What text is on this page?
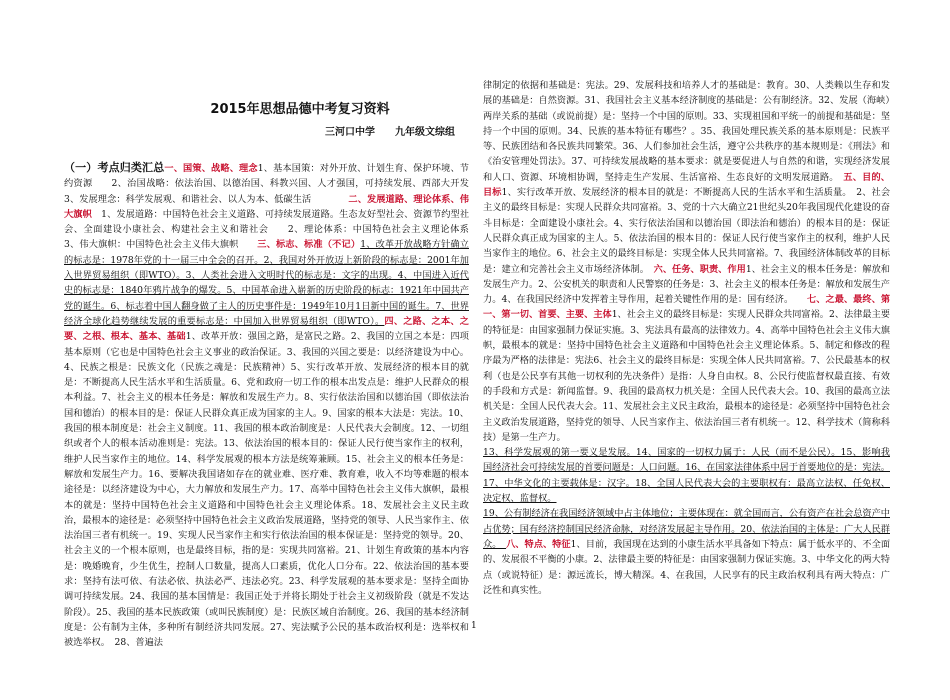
2015年思想品德中考复习资料
三河口中学　　九年级文综组
（一）考点归类汇总一、国策、战略、理念1、基本国策：对外开放、计划生育、保护环境、节约资源　　2、治国战略：依法治国、以德治国、科教兴国、人才强国，可持续发展、西部大开发　3、发展理念：科学发展观、和谐社会、以人为本、低碳生活　　　　二、发展道路、理论体系、伟大旗帜　1、发展道路：中国特色社会主义道路、可持续发展道路。生态友好型社会、资源节约型社会、全面建设小康社会、构建社会主义和谐社会　　2、理论体系：中国特色社会主义理论体系　　3、伟大旗帜：中国特色社会主义伟大旗帜　　三、标志、标准（不记）1、改革开放战略方针确立的标志是：1978年党的十一届三中全会的召开。2、我国对外开放迈上新阶段的标志是：2001年加入世界贸易组织（即WTO）。3、人类社会进入文明时代的标志是：文字的出现。4、中国进入近代史的标志是：1840年鸦片战争的爆发。5、中国革命进入崭新的历史阶段的标志：1921年中国共产党的诞生。6、标志着中国人翻身做了主人的历史事件是：1949年10月1日新中国的诞生。7、世界经济全球化趋势继续发展的重要标志是：中国加入世界贸易组织（即WTO）。四、之路、之本、之要、之根、根本、基本、基础1、改革开放：强国之路，是富民之路。2、我国的立国之本是：四项基本原则（它也是中国特色社会主义事业的政治保证。3、我国的兴国之要是：以经济建设为中心。4、民族之根是：民族文化（民族之魂是：民族精神）5、实行改革开放、发展经济的根本目的就是：不断提高人民生活水平和生活质量。6、党和政府一切工作的根本出发点是：维护人民群众的根本利益。7、社会主义的根本任务是：解放和发展生产力。8、实行依法治国和以德治国（即依法治国和德治）的根本目的是：保证人民群众真正成为国家的主人。9、国家的根本大法是：宪法。10、我国的根本制度是：社会主义制度。11、我国的根本政治制度是：人民代表大会制度。12、一切组织或者个人的根本活动准则是：宪法。13、依法治国的根本目的：保证人民行使当家作主的权利，维护人民当家作主的地位。14、科学发展观的根本方法是统筹兼顾。15、社会主义的根本任务是：解放和发展生产力。16、要解决我国诸如存在的就业难、医疗难、教育难，收入不均等难题的根本途径是：以经济建设为中心，大力解放和发展生产力。17、高举中国特色社会主义伟大旗帜，最根本的就是：坚持中国特色社会主义道路和中国特色社会主义理论体系。18、发展社会主义民主政治，最根本的途径是：必须坚持中国特色社会主义政治发展道路，坚持党的领导、人民当家作主、依法治国三者有机统一。19、实现人民当家作主和实行依法治国的根本保证是：坚持党的领导。20、社会主义的一个根本原则，也是最终目标，指的是：实现共同富裕。21、计划生育政策的基本内容是：晚婚晚育，少生优生，控制人口数量，提高人口素质，优化人口分布。22、依法治国的基本要求：坚持有法可依、有法必依、执法必严、违法必究。23、科学发展观的基本要求是：坚持全面协调可持续发展。24、我国的基本国情是：我国正处于并将长期处于社会主义初级阶段（就是不发达阶段）。25、我国的基本民族政策（或叫民族制度）是：民族区域自治制度。26、我国的基本经济制度是：公有制为主体，多种所有制经济共同发展。27、宪法赋予公民的基本政治权利是：选举权和被选举权。　28、普遍法
律制定的依据和基础是：宪法。29、发展科技和培养人才的基础是：教育。30、人类赖以生存和发展的基础是：自然资源。31、我国社会主义基本经济制度的基础是：公有制经济。32、发展（海峡）两岸关系的基础（或说前提）是：坚持一个中国的原则。33、实现祖国和平统一的前提和基础是：坚持一个中国的原则。34、民族的基本特征有哪些？。35、我国处理民族关系的基本原则是：民族平等、民族团结和各民族共同繁荣。36、人们参加社会生活，遵守公共秩序的基本规则是：《刑法》和《治安管理处罚法》。37、可持续发展战略的基本要求：就是要促进人与自然的和谐，实现经济发展和人口、资源、环境相协调，坚持走生产发展、生活富裕、生态良好的文明发展道路。　五、目的、目标1、实行改革开放、发展经济的根本目的就是：不断提高人民的生活水平和生活质量。　2、社会主义的最终目标是：实现人民群众共同富裕。3、党的十六大确立21世纪头20年我国现代化建设的奋斗目标是：全面建设小康社会。4、实行依法治国和以德治国（即法治和德治）的根本目的是：保证人民群众真正成为国家的主人。5、依法治国的根本目的：保证人民行使当家作主的权利，维护人民当家作主的地位。6、社会主义的最终目标是：实现全体人民共同富裕。7、我国经济体制改革的目标是：建立和完善社会主义市场经济体制。　六、任务、职责、作用1、社会主义的根本任务是：解放和发展生产力。2、公安机关的职责和人民警察的任务是：3、社会主义的根本任务是：解放和发展生产力。4、在我国民经济中发挥着主导作用，起着关键性作用的是：国有经济。　　七、之最、最终、第一、第一切、首要、主要、主体1、社会主义的最终目标是：实现人民群众共同富裕。2、法律最主要的特征是：由国家强制力保证实施。3、宪法具有最高的法律效力。4、高举中国特色社会主义伟大旗帜，最根本的就是：坚持中国特色社会主义道路和中国特色社会主义理论体系。5、制定和修改的程序最为严格的法律是：宪法6、社会主义的最终目标是：实现全体人民共同富裕。7、公民最基本的权利（也是公民享有其他一切权利的先决条件）是指：人身自由权。8、公民行使监督权最直接、有效的手段和方式是：新闻监督。9、我国的最高权力机关是：全国人民代表大会。10、我国的最高立法机关是：全国人民代表大会。11、发展社会主义民主政治，最根本的途径是：必须坚持中国特色社会主义政治发展道路，坚持党的领导、人民当家作主、依法治国三者有机统一。12、科学技术（简称科技）是第一生产力。
13、科学发展观的第一要义是发展。14、国家的一切权力属于：人民（而不是公民）。15、影响我国经济社会可持续发展的首要问题是：人口问题。16、在国家法律体系中居于首要地位的是：宪法。17、中华文化的主要载体是：汉字。18、全国人民代表大会的主要职权有：最高立法权、任免权、决定权、监督权。
19、公有制经济在我国经济领域中占主体地位；主要体现在：就全国而言，公有资产在社会总资产中占优势；国有经济控制国民经济命脉，对经济发展起主导作用。20、依法治国的主体是：广大人民群众。　八、特点、特征1、目前，我国现在达到的小康生活水平具备如下特点：属于低水平的、不全面的、发展很不平衡的小康。2、法律最主要的特征是：由国家强制力保证实施。3、中华文化的两大特点（或说特征）是：源远流长，博大精深。4、在我国，人民享有的民主政治权利具有两大特点：广泛性和真实性。
1
